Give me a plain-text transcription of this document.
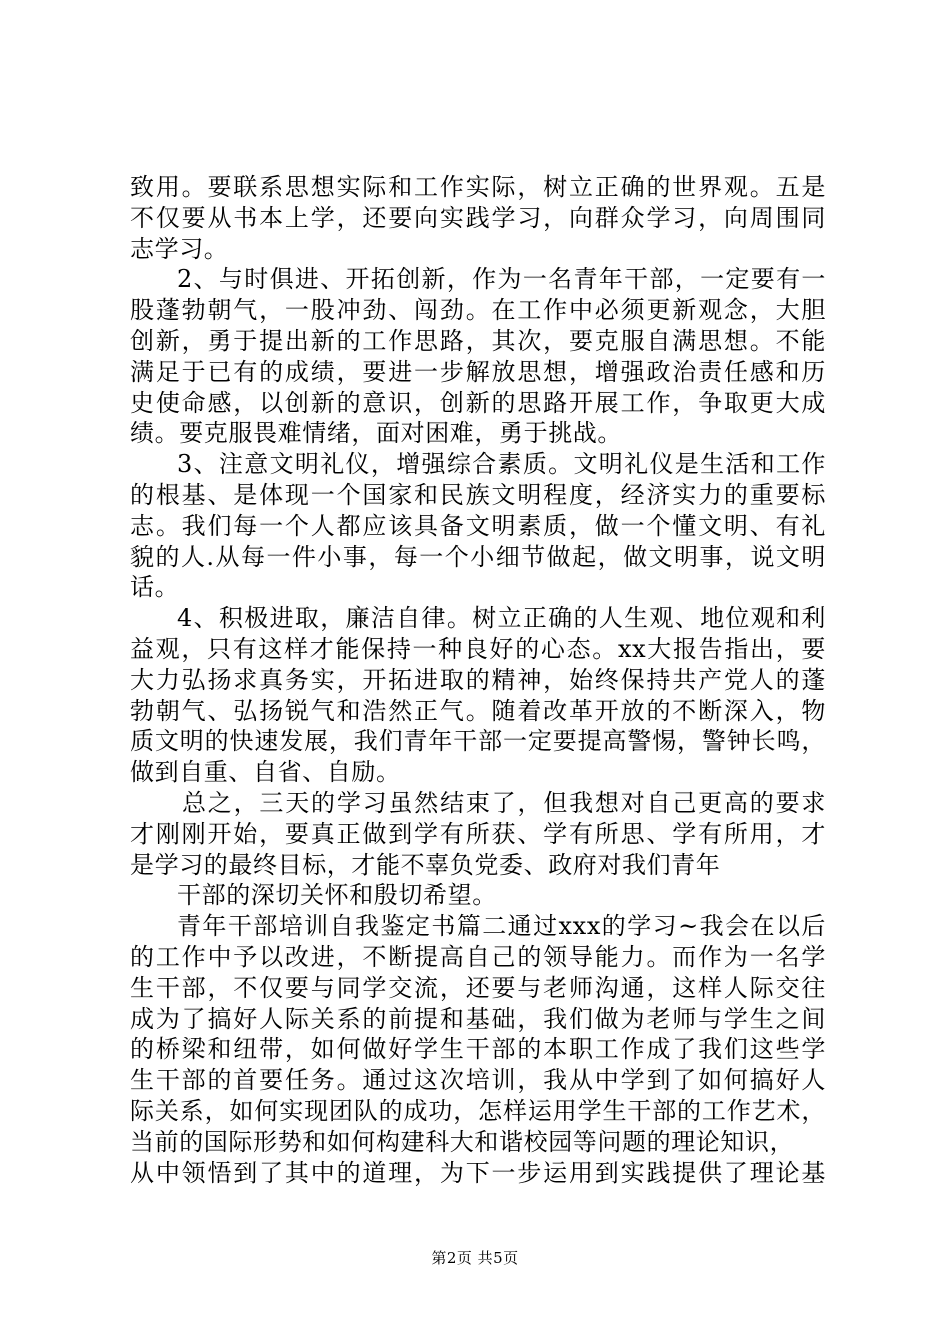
致用。要联系思想实际和工作实际，树立正确的世界观。五是
不仅要从书本上学，还要向实践学习，向群众学习，向周围同
志学习。
2、与时俱进、开拓创新，作为一名青年干部，一定要有一
股蓬勃朝气，一股冲劲、闯劲。在工作中必须更新观念，大胆
创新，勇于提出新的工作思路，其次，要克服自满思想。不能
满足于已有的成绩，要进一步解放思想，增强政治责任感和历
史使命感，以创新的意识，创新的思路开展工作，争取更大成
绩。要克服畏难情绪，面对困难，勇于挑战。
3、注意文明礼仪，增强综合素质。文明礼仪是生活和工作
的根基、是体现一个国家和民族文明程度，经济实力的重要标
志。我们每一个人都应该具备文明素质，做一个懂文明、有礼
貌的人.从每一件小事，每一个小细节做起，做文明事，说文明
话。
4、积极进取，廉洁自律。树立正确的人生观、地位观和利
益观，只有这样才能保持一种良好的心态。xx大报告指出，要
大力弘扬求真务实，开拓进取的精神，始终保持共产党人的蓬
勃朝气、弘扬锐气和浩然正气。随着改革开放的不断深入，物
质文明的快速发展，我们青年干部一定要提高警惕，警钟长鸣，
做到自重、自省、自励。
总之，三天的学习虽然结束了，但我想对自己更高的要求
才刚刚开始，要真正做到学有所获、学有所思、学有所用，才
是学习的最终目标，才能不辜负党委、政府对我们青年
干部的深切关怀和殷切希望。
青年干部培训自我鉴定书篇二通过xxx的学习~我会在以后
的工作中予以改进，不断提高自己的领导能力。而作为一名学
生干部，不仅要与同学交流，还要与老师沟通，这样人际交往
成为了搞好人际关系的前提和基础，我们做为老师与学生之间
的桥梁和纽带，如何做好学生干部的本职工作成了我们这些学
生干部的首要任务。通过这次培训，我从中学到了如何搞好人
际关系，如何实现团队的成功，怎样运用学生干部的工作艺术，
当前的国际形势和如何构建科大和谐校园等问题的理论知识，
从中领悟到了其中的道理，为下一步运用到实践提供了理论基
第2页 共5页
